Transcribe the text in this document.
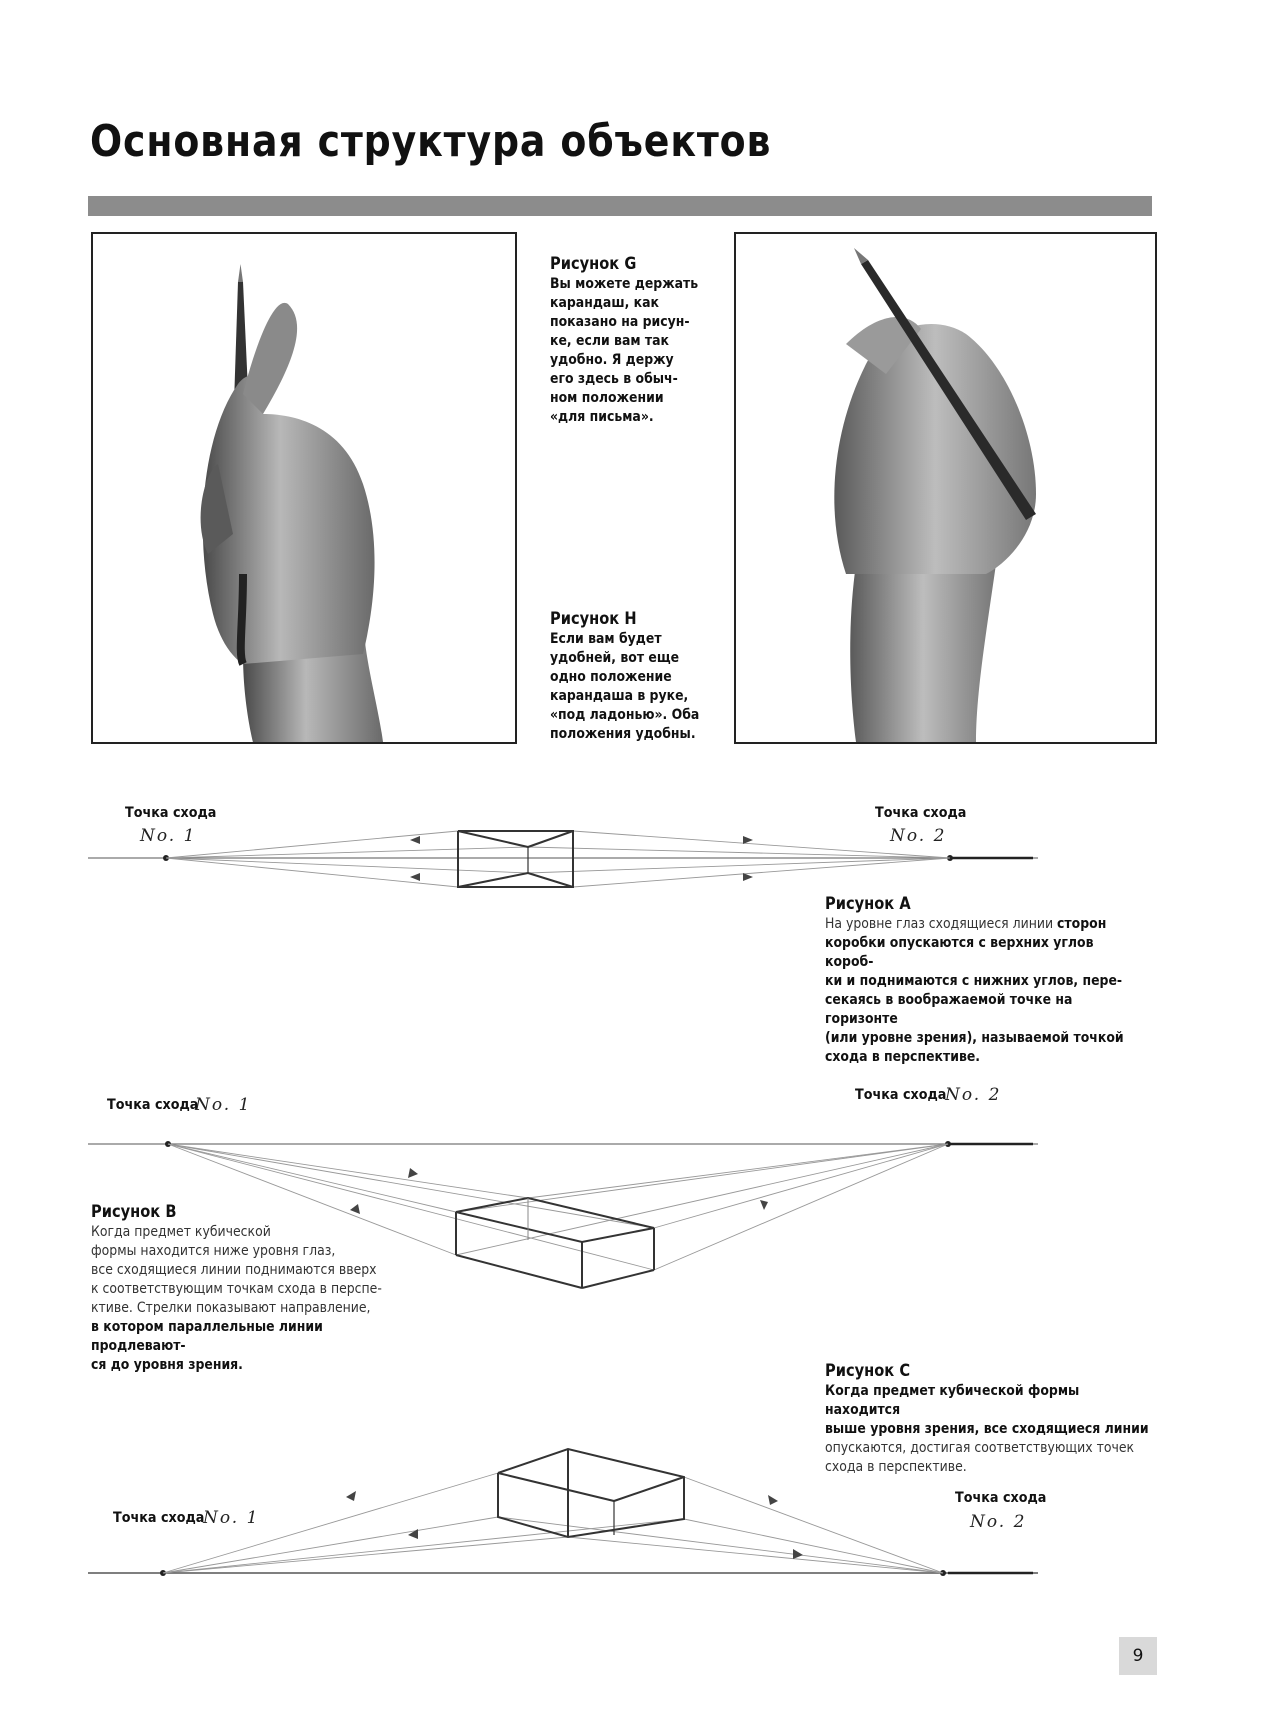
Основная структура объектов
Рисунок G
Вы можете держать
карандаш, как
показано на рисун-
ке, если вам так
удобно. Я держу
его здесь в обыч-
ном положении
«для письма».
Рисунок H
Если вам будет
удобней, вот еще
одно положение
карандаша в руке,
«под ладонью». Оба
положения удобны.
Точка схода
No. 1
Точка схода
No. 2
Рисунок А
На уровне глаз сходящиеся линии сторон
коробки опускаются с верхних углов короб-
ки и поднимаются с нижних углов, пере-
секаясь в воображаемой точке на горизонте
(или уровне зрения), называемой точкой
схода в перспективе.
Точка схода
No. 1	Точка схода
No. 2
Рисунок В
Когда предмет кубической
формы находится ниже уровня глаз,
все сходящиеся линии поднимаются вверх
к соответствующим точкам схода в перспе-
ктиве. Стрелки показывают направление,
в котором параллельные линии продлевают-
ся до уровня зрения.	Рисунок С
Когда предмет кубической формы находится
выше уровня зрения, все сходящиеся линии
опускаются, достигая соответствующих точек
схода в перспективе.
Точка схода
No. 1
Точка схода
No. 2
9
